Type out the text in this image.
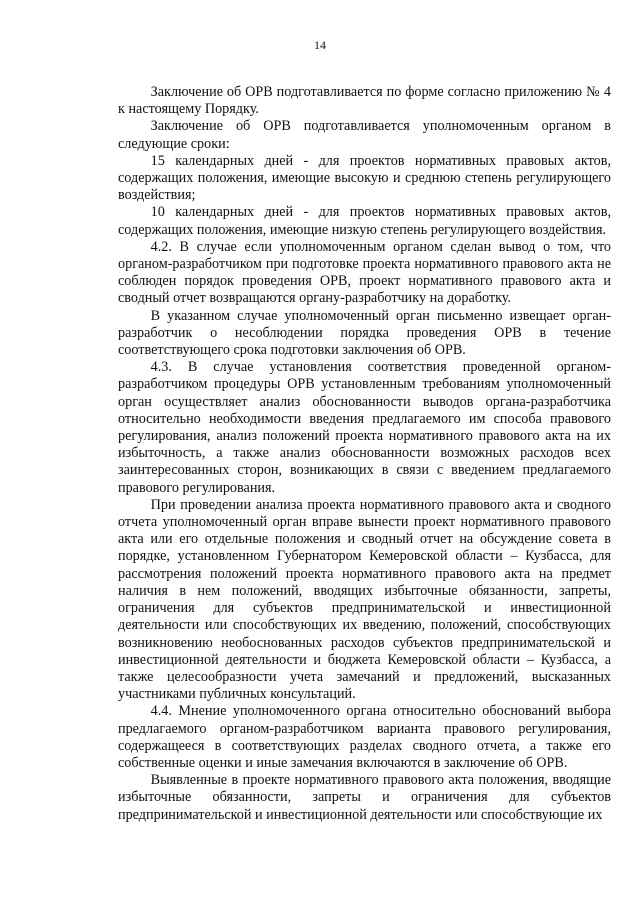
14

Заключение об ОРВ подготавливается по форме согласно приложению № 4 к настоящему Порядку.

Заключение об ОРВ подготавливается уполномоченным органом в следующие сроки:

15 календарных дней - для проектов нормативных правовых актов, содержащих положения, имеющие высокую и среднюю степень регулирующего воздействия;

10 календарных дней - для проектов нормативных правовых актов, содержащих положения, имеющие низкую степень регулирующего воздействия.

4.2. В случае если уполномоченным органом сделан вывод о том, что органом-разработчиком при подготовке проекта нормативного правового акта не соблюден порядок проведения ОРВ, проект нормативного правового акта и сводный отчет возвращаются органу-разработчику на доработку.

В указанном случае уполномоченный орган письменно извещает орган-разработчик о несоблюдении порядка проведения ОРВ в течение соответствующего срока подготовки заключения об ОРВ.

4.3. В случае установления соответствия проведенной органом-разработчиком процедуры ОРВ установленным требованиям уполномоченный орган осуществляет анализ обоснованности выводов органа-разработчика относительно необходимости введения предлагаемого им способа правового регулирования, анализ положений проекта нормативного правового акта на их избыточность, а также анализ обоснованности возможных расходов всех заинтересованных сторон, возникающих в связи с введением предлагаемого правового регулирования.

При проведении анализа проекта нормативного правового акта и сводного отчета уполномоченный орган вправе вынести проект нормативного правового акта или его отдельные положения и сводный отчет на обсуждение совета в порядке, установленном Губернатором Кемеровской области – Кузбасса, для рассмотрения положений проекта нормативного правового акта на предмет наличия в нем положений, вводящих избыточные обязанности, запреты, ограничения для субъектов предпринимательской и инвестиционной деятельности или способствующих их введению, положений, способствующих возникновению необоснованных расходов субъектов предпринимательской и инвестиционной деятельности и бюджета Кемеровской области – Кузбасса, а также целесообразности учета замечаний и предложений, высказанных участниками публичных консультаций.

4.4. Мнение уполномоченного органа относительно обоснований выбора предлагаемого органом-разработчиком варианта правового регулирования, содержащееся в соответствующих разделах сводного отчета, а также его собственные оценки и иные замечания включаются в заключение об ОРВ.

Выявленные в проекте нормативного правового акта положения, вводящие избыточные обязанности, запреты и ограничения для субъектов предпринимательской и инвестиционной деятельности или способствующие их
